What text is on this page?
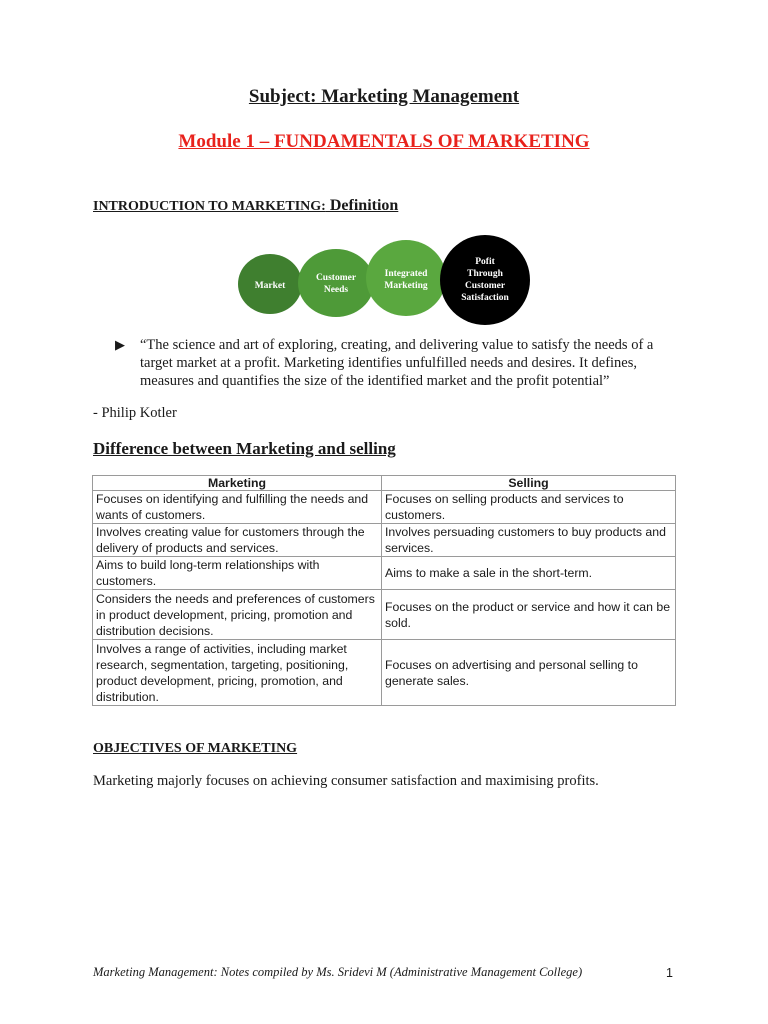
Subject: Marketing Management
Module 1 – FUNDAMENTALS OF MARKETING
INTRODUCTION TO MARKETING: Definition
Market
Customer
Needs
Integrated
Marketing
Pofit
Through
Customer
Satisfaction
▶ “The science and art of exploring, creating, and delivering value to satisfy the needs of a target market at a profit. Marketing identifies unfulfilled needs and desires. It defines, measures and quantifies the size of the identified market and the profit potential”
- Philip Kotler
Difference between Marketing and selling
Marketing	Selling
Focuses on identifying and fulfilling the needs and wants of customers.	Focuses on selling products and services to customers.
Involves creating value for customers through the delivery of products and services.	Involves persuading customers to buy products and services.
Aims to build long-term relationships with customers.	Aims to make a sale in the short-term.
Considers the needs and preferences of customers in product development, pricing, promotion and distribution decisions.	Focuses on the product or service and how it can be sold.
Involves a range of activities, including market research, segmentation, targeting, positioning, product development, pricing, promotion, and distribution.	Focuses on advertising and personal selling to generate sales.
OBJECTIVES OF MARKETING
Marketing majorly focuses on achieving consumer satisfaction and maximising profits.
Marketing Management: Notes compiled by Ms. Sridevi M (Administrative Management College)	1
